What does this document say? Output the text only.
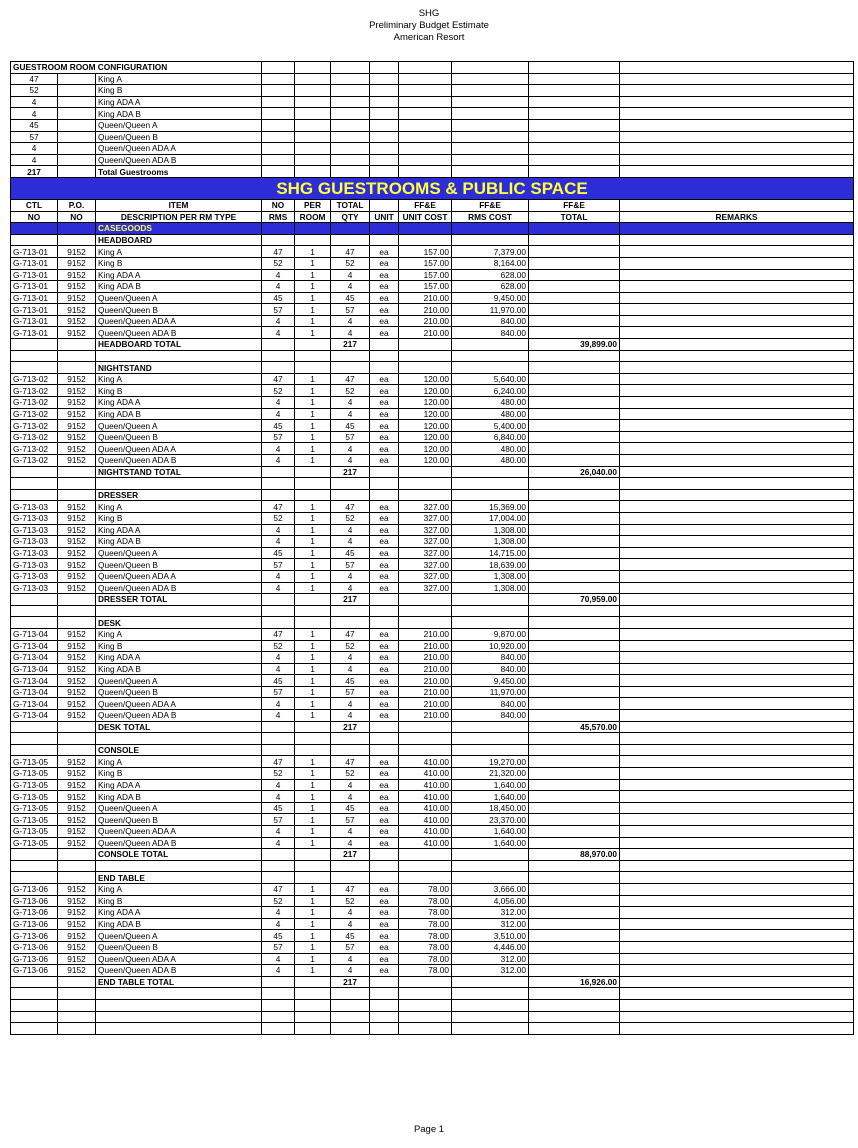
SHG
Preliminary Budget Estimate
American Resort
GUESTROOM ROOM CONFIGURATION										
47		King A								
52		King B								
4		King ADA A								
4		King ADA B								
45		Queen/Queen A								
57		Queen/Queen B								
4		Queen/Queen ADA A								
4		Queen/Queen ADA B								
217		Total Guestrooms								
SHG GUESTROOMS & PUBLIC SPACE										
CTL	P.O.	ITEM	NO	PER	TOTAL		FF&E	FF&E	FF&E	
NO	NO	DESCRIPTION PER RM TYPE	RMS	ROOM	QTY	UNIT	UNIT COST	RMS COST	TOTAL	REMARKS
		CASEGOODS								
		HEADBOARD								
G-713-01	9152	King A	47	1	47	ea	157.00	7,379.00		
G-713-01	9152	King B	52	1	52	ea	157.00	8,164.00		
G-713-01	9152	King ADA A	4	1	4	ea	157.00	628.00		
G-713-01	9152	King ADA B	4	1	4	ea	157.00	628.00		
G-713-01	9152	Queen/Queen A	45	1	45	ea	210.00	9,450.00		
G-713-01	9152	Queen/Queen B	57	1	57	ea	210.00	11,970.00		
G-713-01	9152	Queen/Queen ADA A	4	1	4	ea	210.00	840.00		
G-713-01	9152	Queen/Queen ADA B	4	1	4	ea	210.00	840.00		
		HEADBOARD TOTAL			217				39,899.00	

		NIGHTSTAND								
G-713-02	9152	King A	47	1	47	ea	120.00	5,640.00		
G-713-02	9152	King B	52	1	52	ea	120.00	6,240.00		
G-713-02	9152	King ADA A	4	1	4	ea	120.00	480.00		
G-713-02	9152	King ADA B	4	1	4	ea	120.00	480.00		
G-713-02	9152	Queen/Queen A	45	1	45	ea	120.00	5,400.00		
G-713-02	9152	Queen/Queen B	57	1	57	ea	120.00	6,840.00		
G-713-02	9152	Queen/Queen ADA A	4	1	4	ea	120.00	480.00		
G-713-02	9152	Queen/Queen ADA B	4	1	4	ea	120.00	480.00		
		NIGHTSTAND TOTAL			217				26,040.00	

		DRESSER								
G-713-03	9152	King A	47	1	47	ea	327.00	15,369.00		
G-713-03	9152	King B	52	1	52	ea	327.00	17,004.00		
G-713-03	9152	King ADA A	4	1	4	ea	327.00	1,308.00		
G-713-03	9152	King ADA B	4	1	4	ea	327.00	1,308.00		
G-713-03	9152	Queen/Queen A	45	1	45	ea	327.00	14,715.00		
G-713-03	9152	Queen/Queen B	57	1	57	ea	327.00	18,639.00		
G-713-03	9152	Queen/Queen ADA A	4	1	4	ea	327.00	1,308.00		
G-713-03	9152	Queen/Queen ADA B	4	1	4	ea	327.00	1,308.00		
		DRESSER TOTAL			217				70,959.00	

		DESK								
G-713-04	9152	King A	47	1	47	ea	210.00	9,870.00		
G-713-04	9152	King B	52	1	52	ea	210.00	10,920.00		
G-713-04	9152	King ADA A	4	1	4	ea	210.00	840.00		
G-713-04	9152	King ADA B	4	1	4	ea	210.00	840.00		
G-713-04	9152	Queen/Queen A	45	1	45	ea	210.00	9,450.00		
G-713-04	9152	Queen/Queen B	57	1	57	ea	210.00	11,970.00		
G-713-04	9152	Queen/Queen ADA A	4	1	4	ea	210.00	840.00		
G-713-04	9152	Queen/Queen ADA B	4	1	4	ea	210.00	840.00		
		DESK TOTAL			217				45,570.00	

		CONSOLE								
G-713-05	9152	King A	47	1	47	ea	410.00	19,270.00		
G-713-05	9152	King B	52	1	52	ea	410.00	21,320.00		
G-713-05	9152	King ADA A	4	1	4	ea	410.00	1,640.00		
G-713-05	9152	King ADA B	4	1	4	ea	410.00	1,640.00		
G-713-05	9152	Queen/Queen A	45	1	45	ea	410.00	18,450.00		
G-713-05	9152	Queen/Queen B	57	1	57	ea	410.00	23,370.00		
G-713-05	9152	Queen/Queen ADA A	4	1	4	ea	410.00	1,640.00		
G-713-05	9152	Queen/Queen ADA B	4	1	4	ea	410.00	1,640.00		
		CONSOLE TOTAL			217				88,970.00	

		END TABLE								
G-713-06	9152	King A	47	1	47	ea	78.00	3,666.00		
G-713-06	9152	King B	52	1	52	ea	78.00	4,056.00		
G-713-06	9152	King ADA A	4	1	4	ea	78.00	312.00		
G-713-06	9152	King ADA B	4	1	4	ea	78.00	312.00		
G-713-06	9152	Queen/Queen A	45	1	45	ea	78.00	3,510.00		
G-713-06	9152	Queen/Queen B	57	1	57	ea	78.00	4,446.00		
G-713-06	9152	Queen/Queen ADA A	4	1	4	ea	78.00	312.00		
G-713-06	9152	Queen/Queen ADA B	4	1	4	ea	78.00	312.00		
		END TABLE TOTAL			217				16,926.00	

Page 1
